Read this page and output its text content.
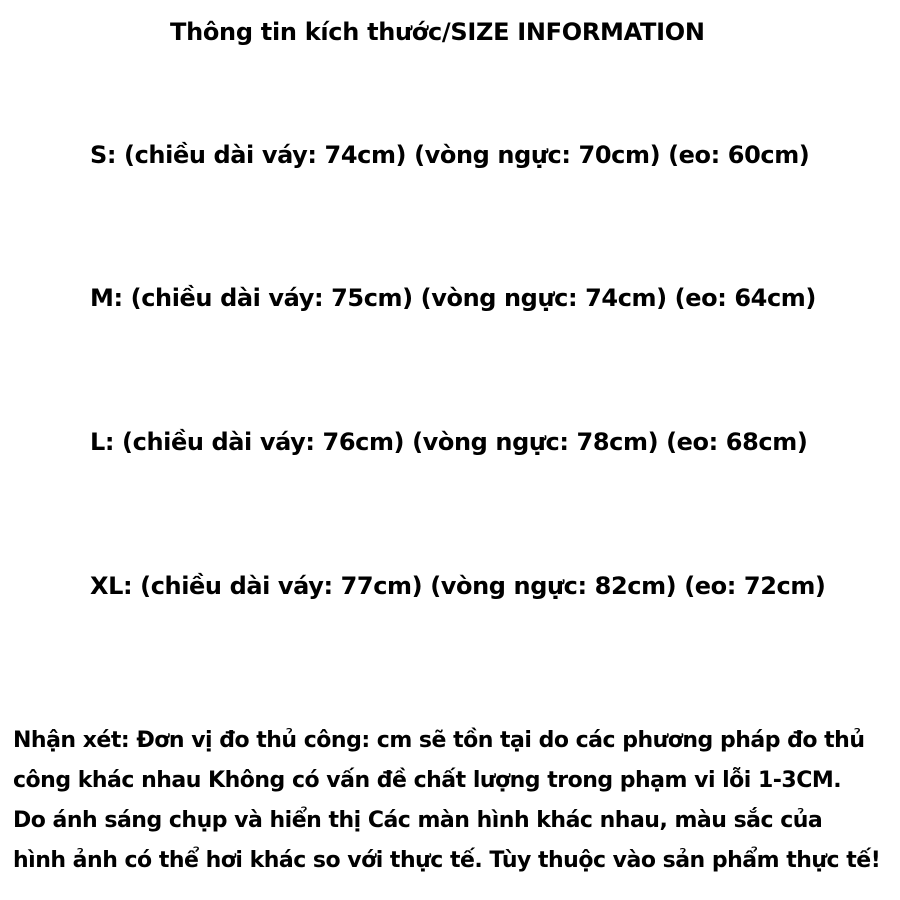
Thông tin kích thước/SIZE INFORMATION
S: (chiều dài váy: 74cm) (vòng ngực: 70cm) (eo: 60cm)
M: (chiều dài váy: 75cm) (vòng ngực: 74cm) (eo: 64cm)
L: (chiều dài váy: 76cm) (vòng ngực: 78cm) (eo: 68cm)
XL: (chiều dài váy: 77cm) (vòng ngực: 82cm) (eo: 72cm)
Nhận xét: Đơn vị đo thủ công: cm sẽ tồn tại do các phương pháp đo thủ
công khác nhau Không có vấn đề chất lượng trong phạm vi lỗi 1-3CM.
Do ánh sáng chụp và hiển thị Các màn hình khác nhau, màu sắc của
hình ảnh có thể hơi khác so với thực tế. Tùy thuộc vào sản phẩm thực tế!
